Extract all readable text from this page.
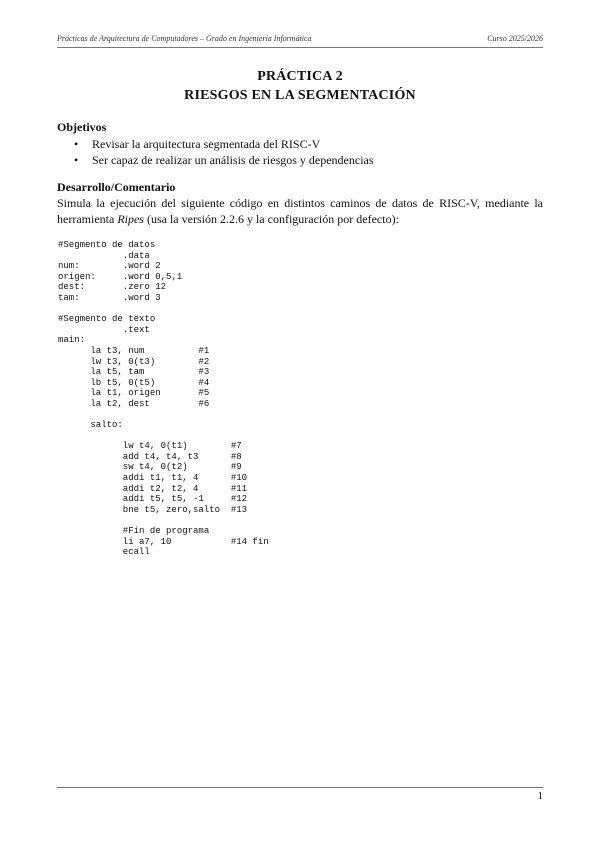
Prácticas de Arquitectura de Computadores – Grado en Ingeniería Informática	Curso 2025/2026
PRÁCTICA 2
RIESGOS EN LA SEGMENTACIÓN
Objetivos
• Revisar la arquitectura segmentada del RISC-V
• Ser capaz de realizar un análisis de riesgos y dependencias
Desarrollo/Comentario
Simula la ejecución del siguiente código en distintos caminos de datos de RISC-V, mediante la herramienta Ripes (usa la versión 2.2.6 y la configuración por defecto):
#Segmento de datos
.data
num:        .word 2
origen:     .word 0,5,1
dest:       .zero 12
tam:        .word 3

#Segmento de texto
.text
main:
la t3, num          #1
lw t3, 0(t3)        #2
la t5, tam          #3
lb t5, 0(t5)        #4
la t1, origen       #5
la t2, dest         #6

salto:

lw t4, 0(t1)        #7
add t4, t4, t3      #8
sw t4, 0(t2)        #9
addi t1, t1, 4      #10
addi t2, t2, 4      #11
addi t5, t5, -1     #12
bne t5, zero,salto  #13

#Fin de programa
li a7, 10           #14 fin
ecall
1
